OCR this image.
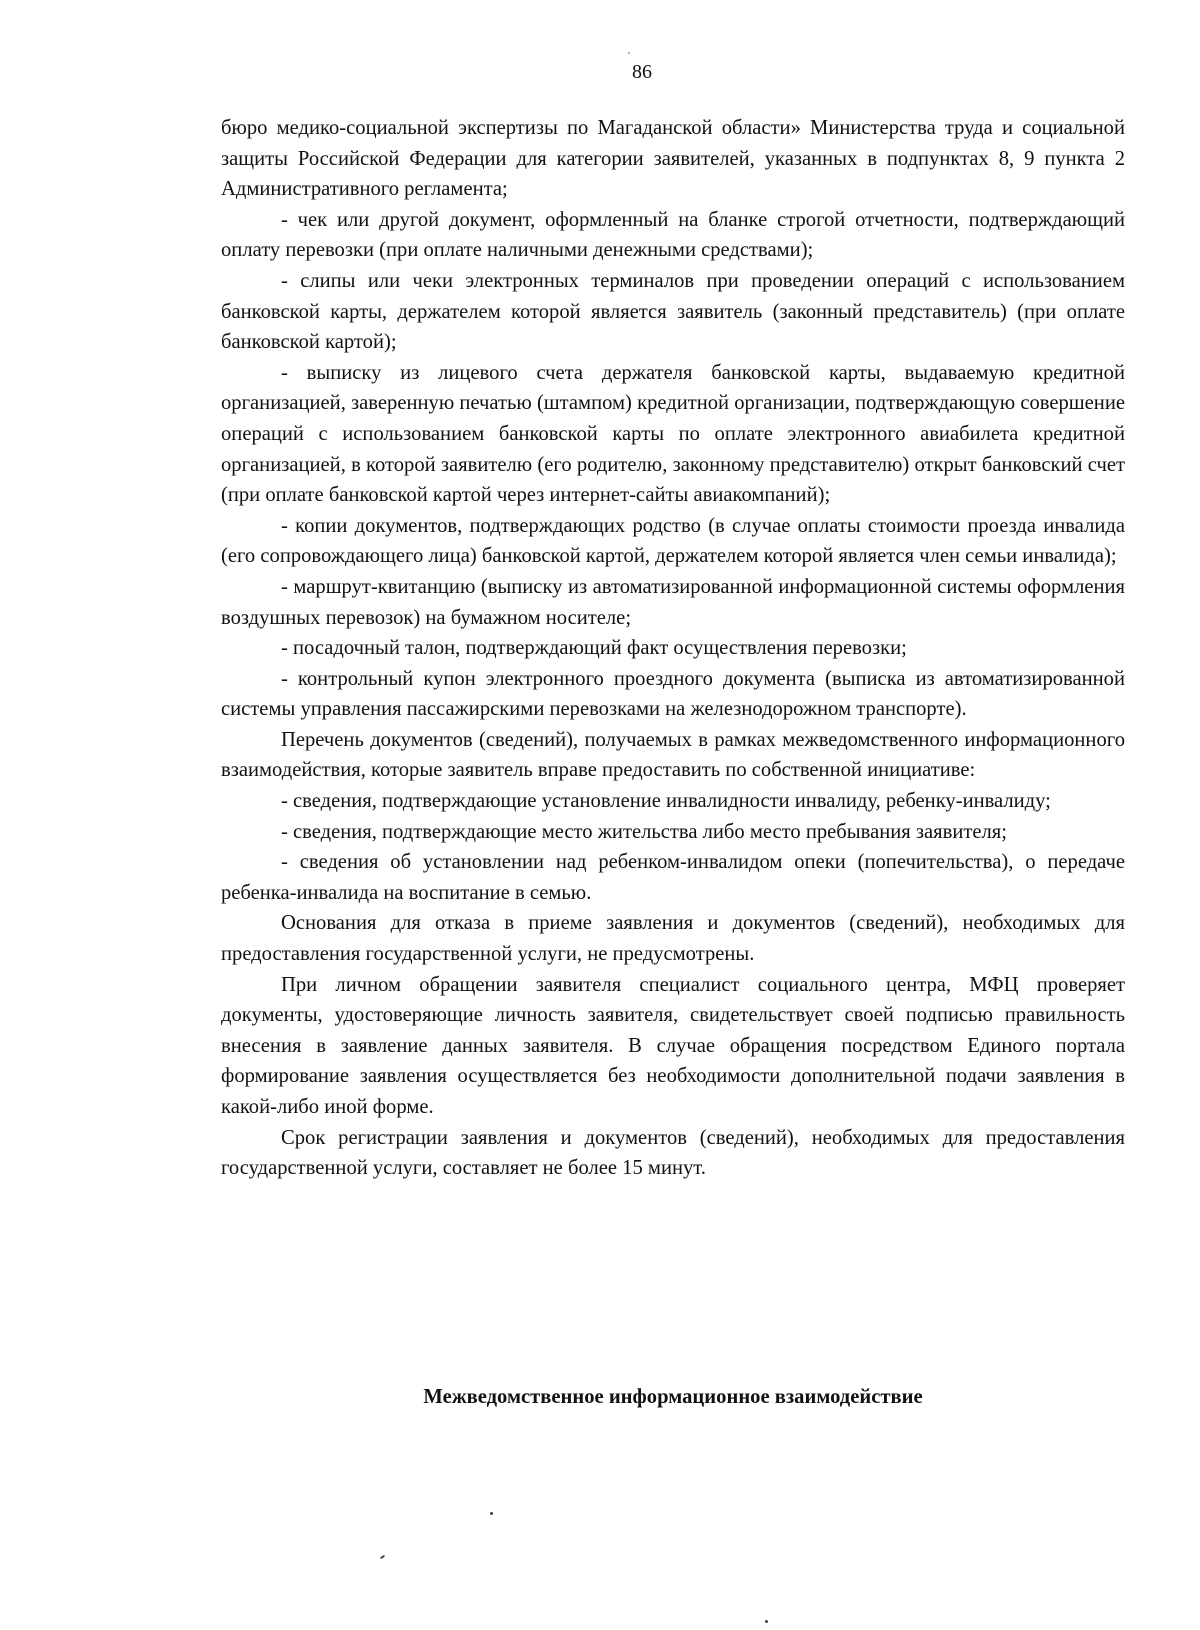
86

бюро медико-социальной экспертизы по Магаданской области» Министерства труда и социальной защиты Российской Федерации для категории заявителей, указанных в подпунктах 8, 9 пункта 2 Административного регламента;

- чек или другой документ, оформленный на бланке строгой отчетности, подтверждающий оплату перевозки (при оплате наличными денежными средствами);

- слипы или чеки электронных терминалов при проведении операций с использованием банковской карты, держателем которой является заявитель (законный представитель) (при оплате банковской картой);

- выписку из лицевого счета держателя банковской карты, выдаваемую кредитной организацией, заверенную печатью (штампом) кредитной организации, подтверждающую совершение операций с использованием банковской карты по оплате электронного авиабилета кредитной организацией, в которой заявителю (его родителю, законному представителю) открыт банковский счет (при оплате банковской картой через интернет-сайты авиакомпаний);

- копии документов, подтверждающих родство (в случае оплаты стоимости проезда инвалида (его сопровождающего лица) банковской картой, держателем которой является член семьи инвалида);

- маршрут-квитанцию (выписку из автоматизированной информационной системы оформления воздушных перевозок) на бумажном носителе;

- посадочный талон, подтверждающий факт осуществления перевозки;

- контрольный купон электронного проездного документа (выписка из автоматизированной системы управления пассажирскими перевозками на железнодорожном транспорте).

Перечень документов (сведений), получаемых в рамках межведомственного информационного взаимодействия, которые заявитель вправе предоставить по собственной инициативе:

- сведения, подтверждающие установление инвалидности инвалиду, ребенку-инвалиду;

- сведения, подтверждающие место жительства либо место пребывания заявителя;

- сведения об установлении над ребенком-инвалидом опеки (попечительства), о передаче ребенка-инвалида на воспитание в семью.

Основания для отказа в приеме заявления и документов (сведений), необходимых для предоставления государственной услуги, не предусмотрены.

При личном обращении заявителя специалист социального центра, МФЦ проверяет документы, удостоверяющие личность заявителя, свидетельствует своей подписью правильность внесения в заявление данных заявителя. В случае обращения посредством Единого портала формирование заявления осуществляется без необходимости дополнительной подачи заявления в какой-либо иной форме.

Срок регистрации заявления и документов (сведений), необходимых для предоставления государственной услуги, составляет не более 15 минут.

Межведомственное информационное взаимодействие
